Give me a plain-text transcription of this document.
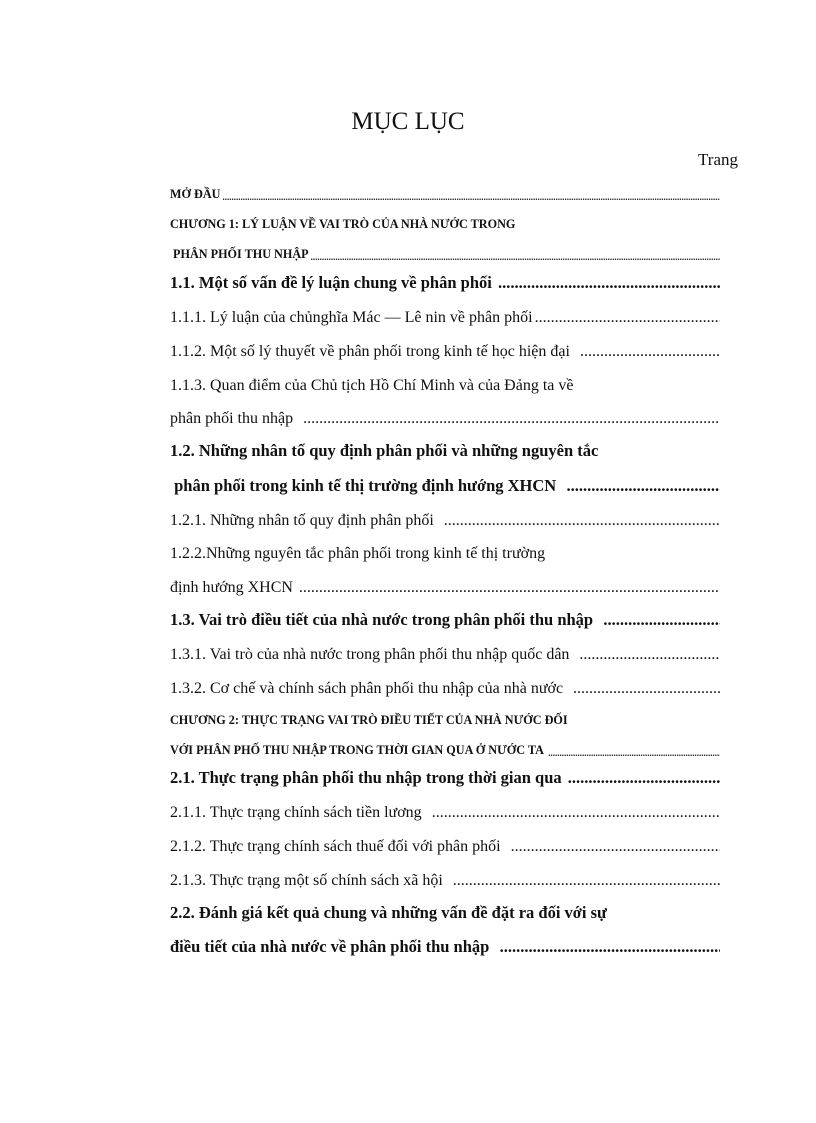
MỤC LỤC
Trang
MỞ ĐẦU
.....
CHƯƠNG 1: LÝ LUẬN VỀ VAI TRÒ CỦA NHÀ NƯỚC TRONG
PHÂN PHỐI THU NHẬP
.....
1.1. Một số vấn đề lý luận chung về phân phối
.....
1.1.1. Lý luận của chủnghĩa Mác — Lê nin về phân phối
.....
1.1.2. Một số lý thuyết về phân phối trong kinh tế học hiện đại
.....
1.1.3. Quan điểm của Chủ tịch Hồ Chí Minh và của Đảng ta về
phân phối thu nhập
.....
1.2. Những nhân tố quy định phân phối và những nguyên tắc
phân phối trong kinh tế thị trường định hướng XHCN
.....
1.2.1. Những nhân tố quy định phân phối
.....
1.2.2.Những nguyên tắc phân phối trong kinh tế thị trường
định hướng XHCN
.....
1.3. Vai trò điều tiết của nhà nước trong phân phối thu nhập
.....
1.3.1. Vai trò của nhà nước trong phân phối thu nhập quốc dân
.....
1.3.2. Cơ chế và chính sách phân phối thu nhập của nhà nước
.....
CHƯƠNG 2: THỰC TRẠNG VAI TRÒ ĐIỀU TIẾT CỦA NHÀ NƯỚC ĐỐI
VỚI PHÂN PHỐ THU NHẬP TRONG THỜI GIAN QUA Ở NƯỚC TA
.....
2.1. Thực trạng phân phối thu nhập trong thời gian qua
.....
2.1.1. Thực trạng chính sách tiền lương
.....
2.1.2. Thực trạng chính sách thuế đối với phân phối
.....
2.1.3. Thực trạng một số chính sách xã hội
.....
2.2. Đánh giá kết quả chung và những vấn đề đặt ra đối với sự
điều tiết của nhà nước về phân phối thu nhập
.....
